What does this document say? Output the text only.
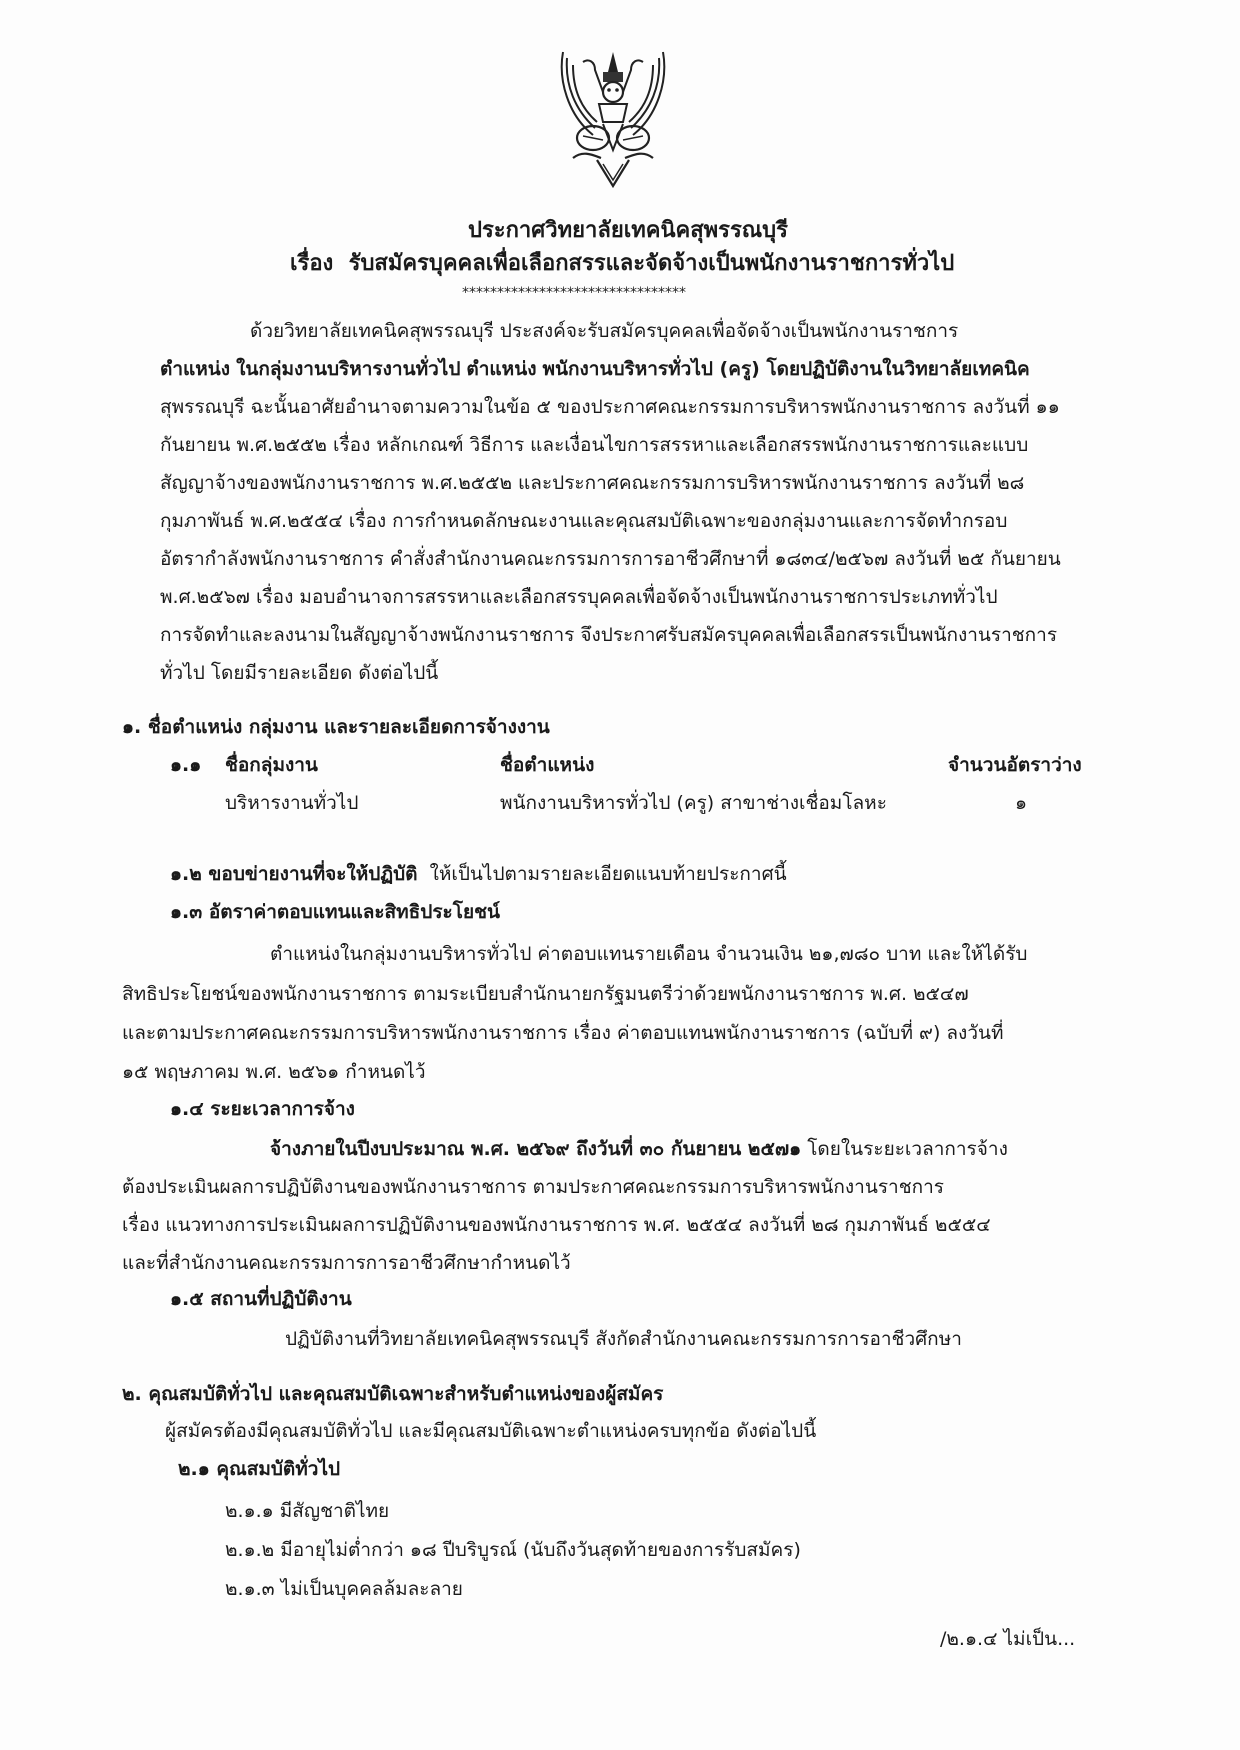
ประกาศวิทยาลัยเทคนิคสุพรรณบุรี
เรื่อง รับสมัครบุคคลเพื่อเลือกสรรและจัดจ้างเป็นพนักงานราชการทั่วไป
********************************
ด้วยวิทยาลัยเทคนิคสุพรรณบุรี ประสงค์จะรับสมัครบุคคลเพื่อจัดจ้างเป็นพนักงานราชการ
ตำแหน่ง ในกลุ่มงานบริหารงานทั่วไป ตำแหน่ง พนักงานบริหารทั่วไป (ครู) โดยปฏิบัติงานในวิทยาลัยเทคนิค
สุพรรณบุรี ฉะนั้นอาศัยอำนาจตามความในข้อ ๕ ของประกาศคณะกรรมการบริหารพนักงานราชการ ลงวันที่ ๑๑
กันยายน พ.ศ.๒๕๕๒ เรื่อง หลักเกณฑ์ วิธีการ และเงื่อนไขการสรรหาและเลือกสรรพนักงานราชการและแบบ
สัญญาจ้างของพนักงานราชการ พ.ศ.๒๕๕๒ และประกาศคณะกรรมการบริหารพนักงานราชการ ลงวันที่ ๒๘
กุมภาพันธ์ พ.ศ.๒๕๕๔ เรื่อง การกำหนดลักษณะงานและคุณสมบัติเฉพาะของกลุ่มงานและการจัดทำกรอบ
อัตรากำลังพนักงานราชการ คำสั่งสำนักงานคณะกรรมการการอาชีวศึกษาที่ ๑๘๓๔/๒๕๖๗ ลงวันที่ ๒๕ กันยายน
พ.ศ.๒๕๖๗ เรื่อง มอบอำนาจการสรรหาและเลือกสรรบุคคลเพื่อจัดจ้างเป็นพนักงานราชการประเภททั่วไป
การจัดทำและลงนามในสัญญาจ้างพนักงานราชการ จึงประกาศรับสมัครบุคคลเพื่อเลือกสรรเป็นพนักงานราชการ
ทั่วไป โดยมีรายละเอียด ดังต่อไปนี้
๑. ชื่อตำแหน่ง กลุ่มงาน และรายละเอียดการจ้างงาน
๑.๑ ชื่อกลุ่มงาน	ชื่อตำแหน่ง	จำนวนอัตราว่าง
บริหารงานทั่วไป	พนักงานบริหารทั่วไป (ครู) สาขาช่างเชื่อมโลหะ	๑
๑.๒ ขอบข่ายงานที่จะให้ปฏิบัติ ให้เป็นไปตามรายละเอียดแนบท้ายประกาศนี้
๑.๓ อัตราค่าตอบแทนและสิทธิประโยชน์
ตำแหน่งในกลุ่มงานบริหารทั่วไป ค่าตอบแทนรายเดือน จำนวนเงิน ๒๑,๗๘๐ บาท และให้ได้รับ
สิทธิประโยชน์ของพนักงานราชการ ตามระเบียบสำนักนายกรัฐมนตรีว่าด้วยพนักงานราชการ พ.ศ. ๒๕๔๗
และตามประกาศคณะกรรมการบริหารพนักงานราชการ เรื่อง ค่าตอบแทนพนักงานราชการ (ฉบับที่ ๙) ลงวันที่
๑๕ พฤษภาคม พ.ศ. ๒๕๖๑ กำหนดไว้
๑.๔ ระยะเวลาการจ้าง
จ้างภายในปีงบประมาณ พ.ศ. ๒๕๖๙ ถึงวันที่ ๓๐ กันยายน ๒๕๗๑ โดยในระยะเวลาการจ้าง
ต้องประเมินผลการปฏิบัติงานของพนักงานราชการ ตามประกาศคณะกรรมการบริหารพนักงานราชการ
เรื่อง แนวทางการประเมินผลการปฏิบัติงานของพนักงานราชการ พ.ศ. ๒๕๕๔ ลงวันที่ ๒๘ กุมภาพันธ์ ๒๕๕๔
และที่สำนักงานคณะกรรมการการอาชีวศึกษากำหนดไว้
๑.๕ สถานที่ปฏิบัติงาน
ปฏิบัติงานที่วิทยาลัยเทคนิคสุพรรณบุรี สังกัดสำนักงานคณะกรรมการการอาชีวศึกษา
๒. คุณสมบัติทั่วไป และคุณสมบัติเฉพาะสำหรับตำแหน่งของผู้สมัคร
ผู้สมัครต้องมีคุณสมบัติทั่วไป และมีคุณสมบัติเฉพาะตำแหน่งครบทุกข้อ ดังต่อไปนี้
๒.๑ คุณสมบัติทั่วไป
๒.๑.๑ มีสัญชาติไทย
๒.๑.๒ มีอายุไม่ต่ำกว่า ๑๘ ปีบริบูรณ์ (นับถึงวันสุดท้ายของการรับสมัคร)
๒.๑.๓ ไม่เป็นบุคคลล้มละลาย
/๒.๑.๔ ไม่เป็น...
